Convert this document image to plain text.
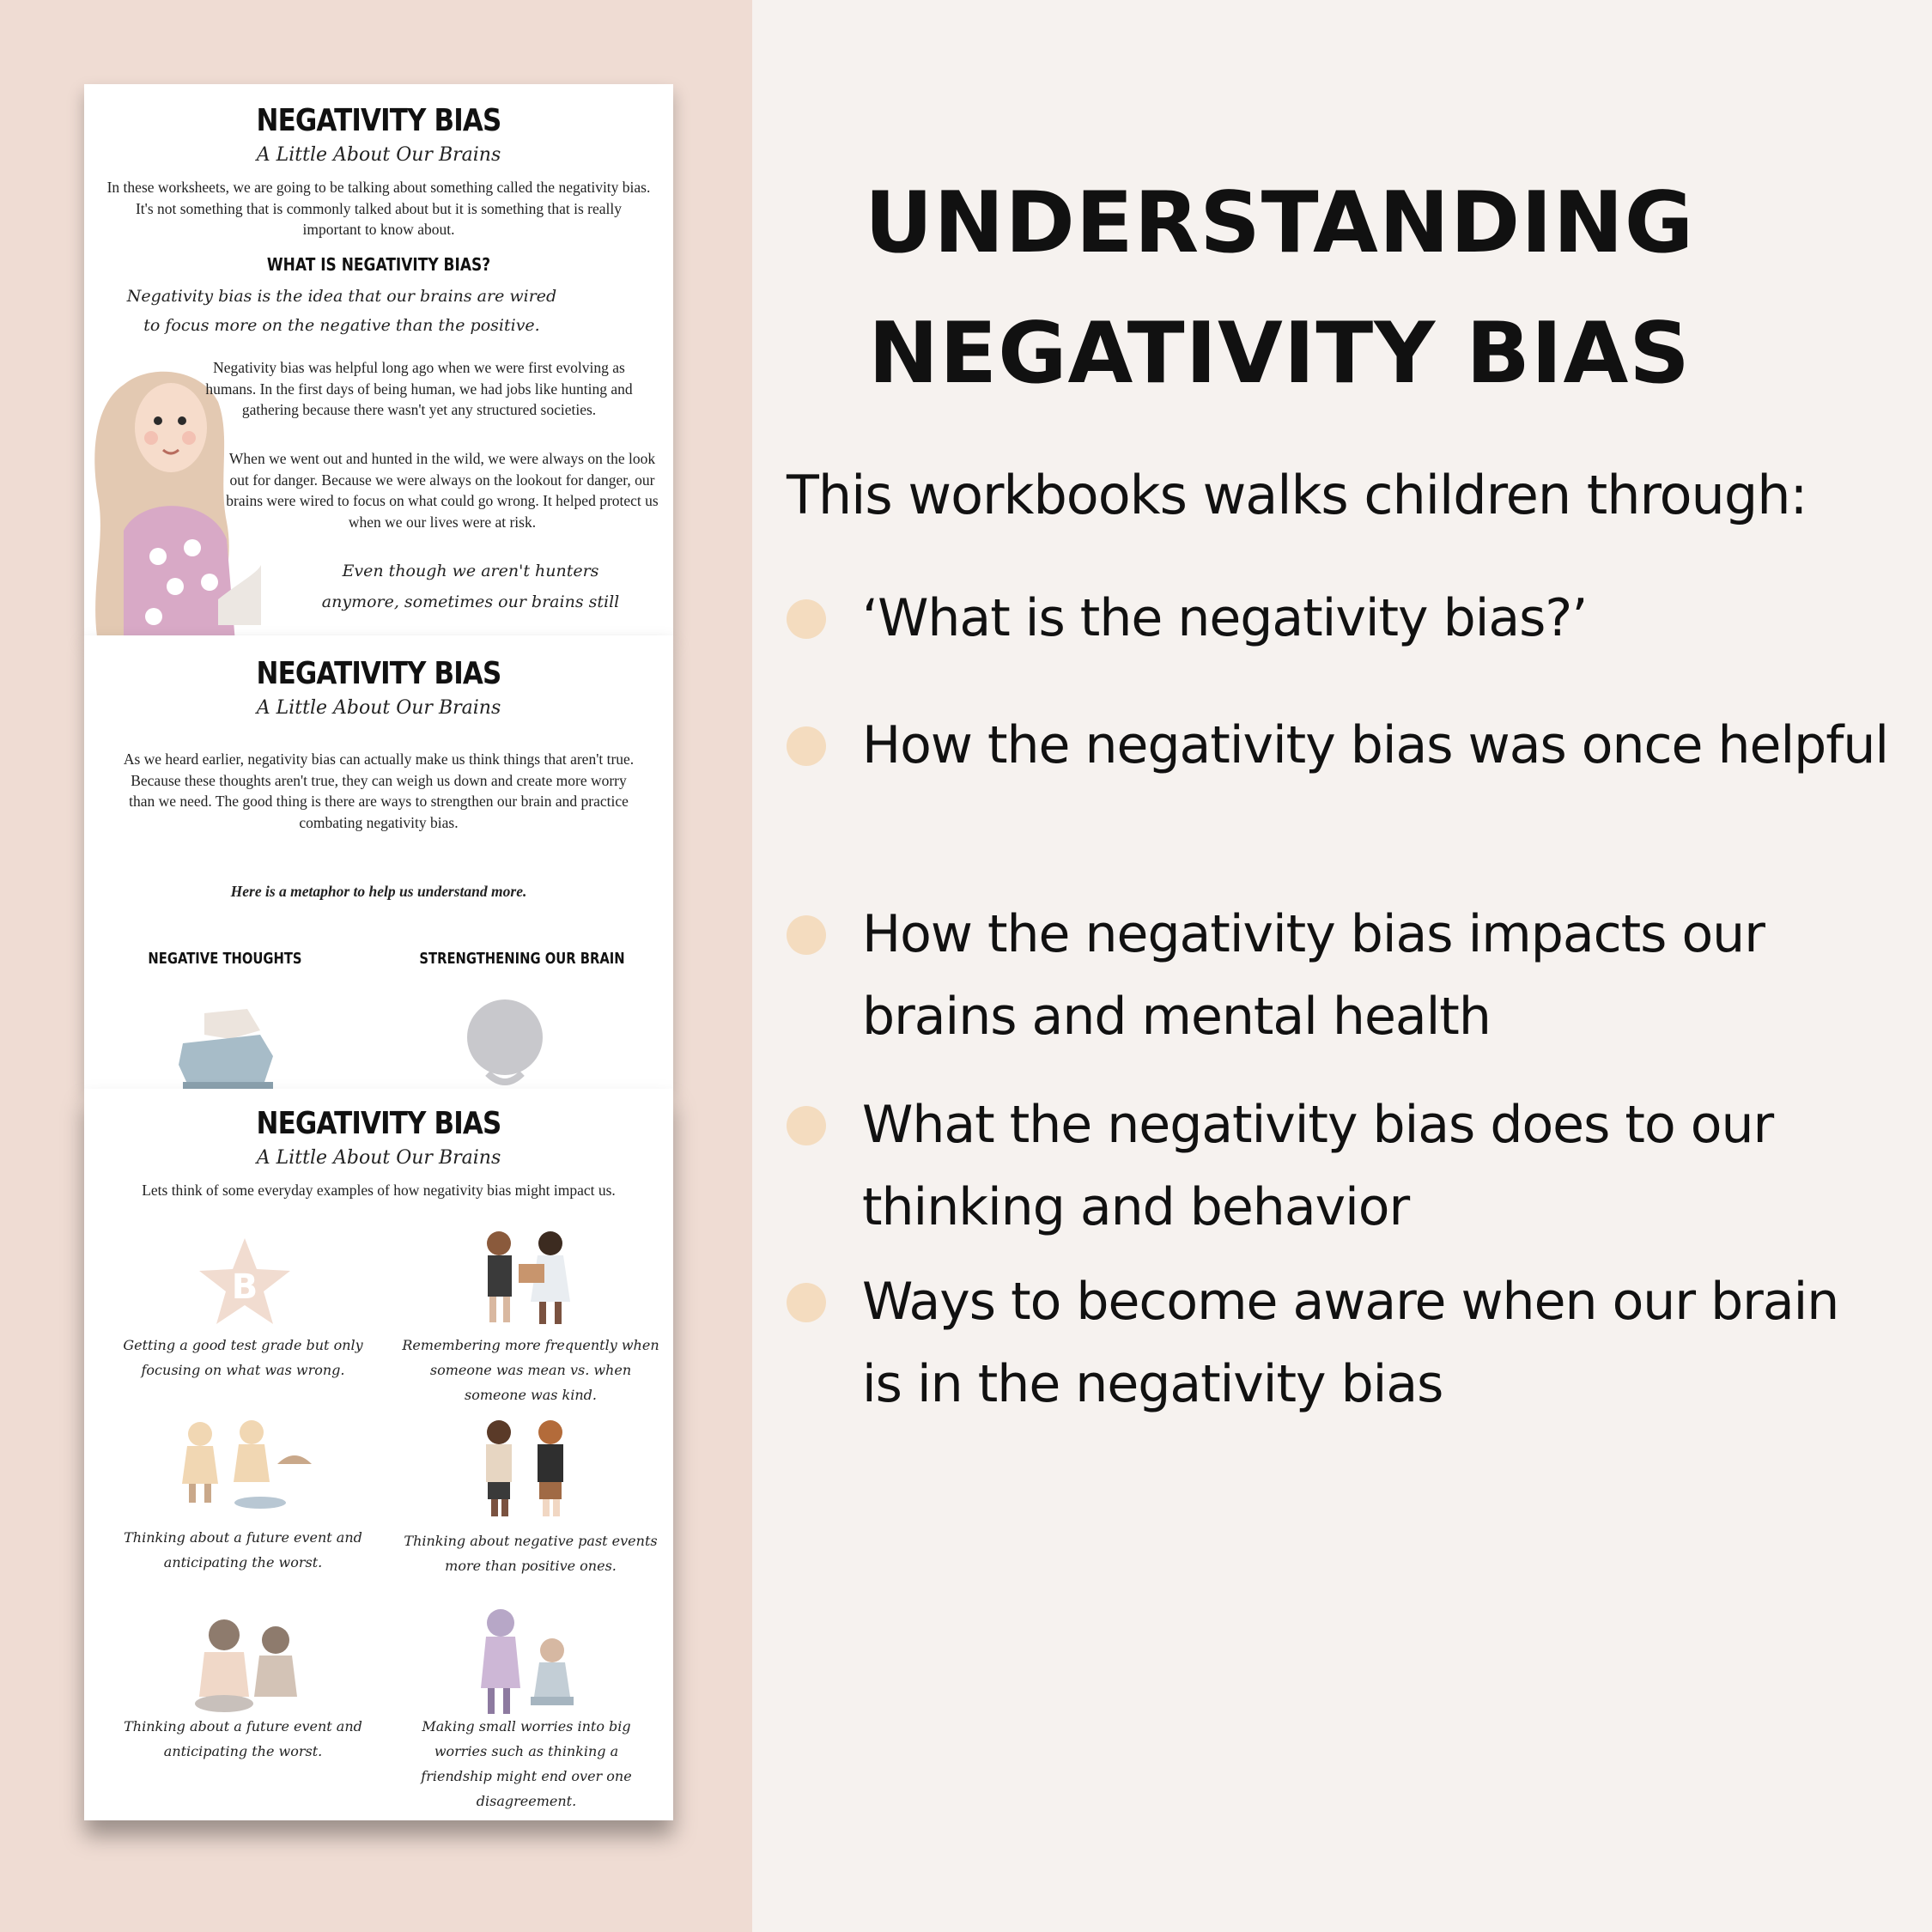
NEGATIVITY BIAS
A Little About Our Brains
In these worksheets, we are going to be talking about something called the negativity bias. It's not something that is commonly talked about but it is something that is really important to know about.
WHAT IS NEGATIVITY BIAS?
Negativity bias is the idea that our brains are wired
to focus more on the negative than the positive.
Negativity bias was helpful long ago when we were first evolving as humans. In the first days of being human, we had jobs like hunting and gathering because there wasn't yet any structured societies.
When we went out and hunted in the wild, we were always on the look out for danger. Because we were always on the lookout for danger, our brains were wired to focus on what could go wrong. It helped protect us when we our lives were at risk.
Even though we aren't hunters
anymore, sometimes our brains still
NEGATIVITY BIAS
A Little About Our Brains
As we heard earlier, negativity bias can actually make us think things that aren't true. Because these thoughts aren't true, they can weigh us down and create more worry than we need. The good thing is there are ways to strengthen our brain and practice combating negativity bias.
Here is a metaphor to help us understand more.
NEGATIVE THOUGHTS	STRENGTHENING OUR BRAIN
NEGATIVITY BIAS
A Little About Our Brains
Lets think of some everyday examples of how negativity bias might impact us.
B
Getting a good test grade but only focusing on what was wrong.
Remembering more frequently when someone was mean vs. when someone was kind.
Thinking about a future event and anticipating the worst.
Thinking about negative past events more than positive ones.
Thinking about a future event and anticipating the worst.
Making small worries into big worries such as thinking a friendship might end over one disagreement.
UNDERSTANDING
NEGATIVITY BIAS
This workbooks walks children through:
‘What is the negativity bias?’
How the negativity bias was once helpful
How the negativity bias impacts our brains and mental health
What the negativity bias does to our thinking and behavior
Ways to become aware when our brain is in the negativity bias
